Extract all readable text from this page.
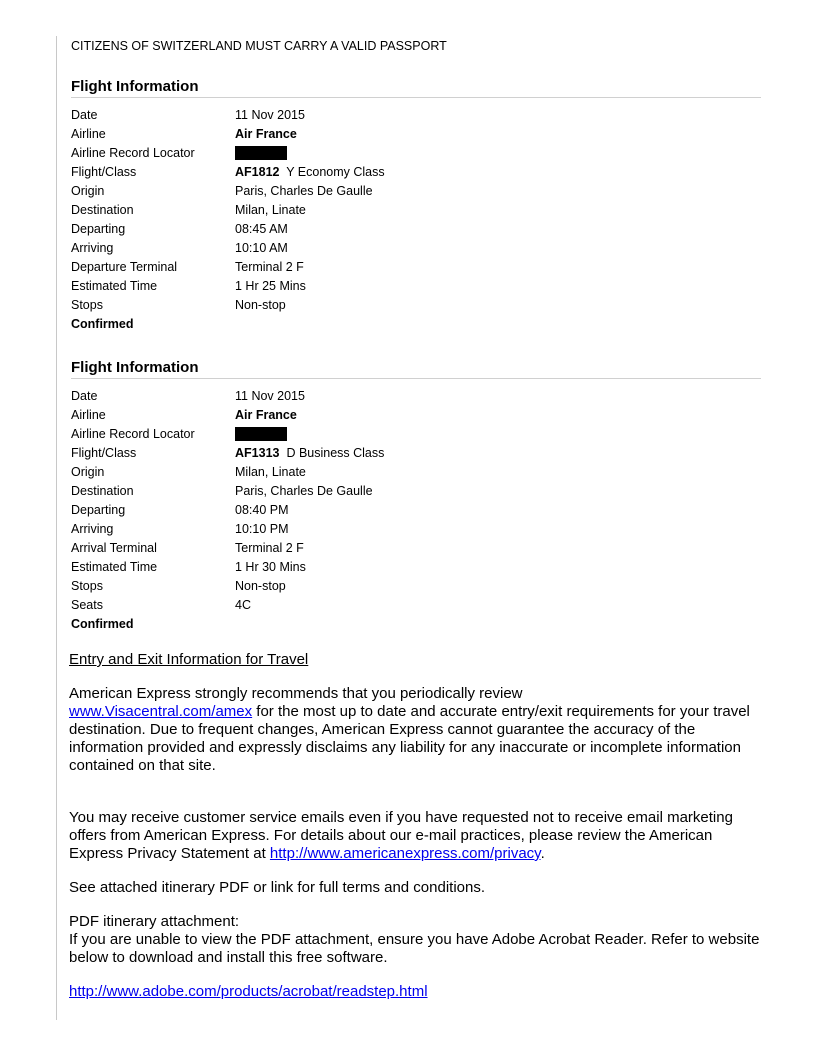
CITIZENS OF SWITZERLAND MUST CARRY A VALID PASSPORT
Flight Information
Date	11 Nov 2015
Airline	Air France
Airline Record Locator
Flight/Class	AF1812 Y Economy Class
Origin	Paris, Charles De Gaulle
Destination	Milan, Linate
Departing	08:45 AM
Arriving	10:10 AM
Departure Terminal	Terminal 2 F
Estimated Time	1 Hr 25 Mins
Stops	Non-stop
Confirmed
Flight Information
Date	11 Nov 2015
Airline	Air France
Airline Record Locator
Flight/Class	AF1313 D Business Class
Origin	Milan, Linate
Destination	Paris, Charles De Gaulle
Departing	08:40 PM
Arriving	10:10 PM
Arrival Terminal	Terminal 2 F
Estimated Time	1 Hr 30 Mins
Stops	Non-stop
Seats	4C
Confirmed
Entry and Exit Information for Travel
American Express strongly recommends that you periodically review
www.Visacentral.com/amex for the most up to date and accurate entry/exit requirements for your travel destination. Due to frequent changes, American Express cannot guarantee the accuracy of the information provided and expressly disclaims any liability for any inaccurate or incomplete information contained on that site.
You may receive customer service emails even if you have requested not to receive email marketing offers from American Express. For details about our e-mail practices, please review the American Express Privacy Statement at http://www.americanexpress.com/privacy.
See attached itinerary PDF or link for full terms and conditions.
PDF itinerary attachment:
If you are unable to view the PDF attachment, ensure you have Adobe Acrobat Reader. Refer to website below to download and install this free software.
http://www.adobe.com/products/acrobat/readstep.html
